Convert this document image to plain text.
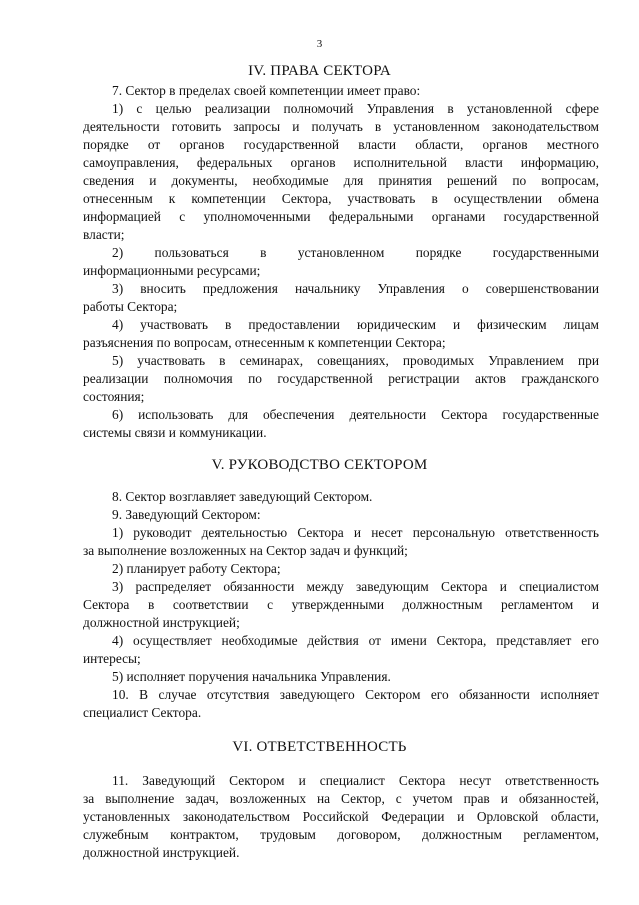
3
IV. ПРАВА СЕКТОРА
7. Сектор в пределах своей компетенции имеет право:
1) с целью реализации полномочий Управления в установленной сфере
деятельности готовить запросы и получать в установленном законодательством
порядке от органов государственной власти области, органов местного
самоуправления, федеральных органов исполнительной власти информацию,
сведения и документы, необходимые для принятия решений по вопросам,
отнесенным к компетенции Сектора, участвовать в осуществлении обмена
информацией с уполномоченными федеральными органами государственной
власти;
2) пользоваться в установленном порядке государственными
информационными ресурсами;
3) вносить предложения начальнику Управления о совершенствовании
работы Сектора;
4) участвовать в предоставлении юридическим и физическим лицам
разъяснения по вопросам, отнесенным к компетенции Сектора;
5) участвовать в семинарах, совещаниях, проводимых Управлением при
реализации полномочия по государственной регистрации актов гражданского
состояния;
6) использовать для обеспечения деятельности Сектора государственные
системы связи и коммуникации.
V. РУКОВОДСТВО СЕКТОРОМ
8. Сектор возглавляет заведующий Сектором.
9. Заведующий Сектором:
1) руководит деятельностью Сектора и несет персональную ответственность
за выполнение возложенных на Сектор задач и функций;
2) планирует работу Сектора;
3) распределяет обязанности между заведующим Сектора и специалистом
Сектора в соответствии с утвержденными должностным регламентом и
должностной инструкцией;
4) осуществляет необходимые действия от имени Сектора, представляет его
интересы;
5) исполняет поручения начальника Управления.
10. В случае отсутствия заведующего Сектором его обязанности исполняет
специалист Сектора.
VI. ОТВЕТСТВЕННОСТЬ
11. Заведующий Сектором и специалист Сектора несут ответственность
за выполнение задач, возложенных на Сектор, с учетом прав и обязанностей,
установленных законодательством Российской Федерации и Орловской области,
служебным контрактом, трудовым договором, должностным регламентом,
должностной инструкцией.
